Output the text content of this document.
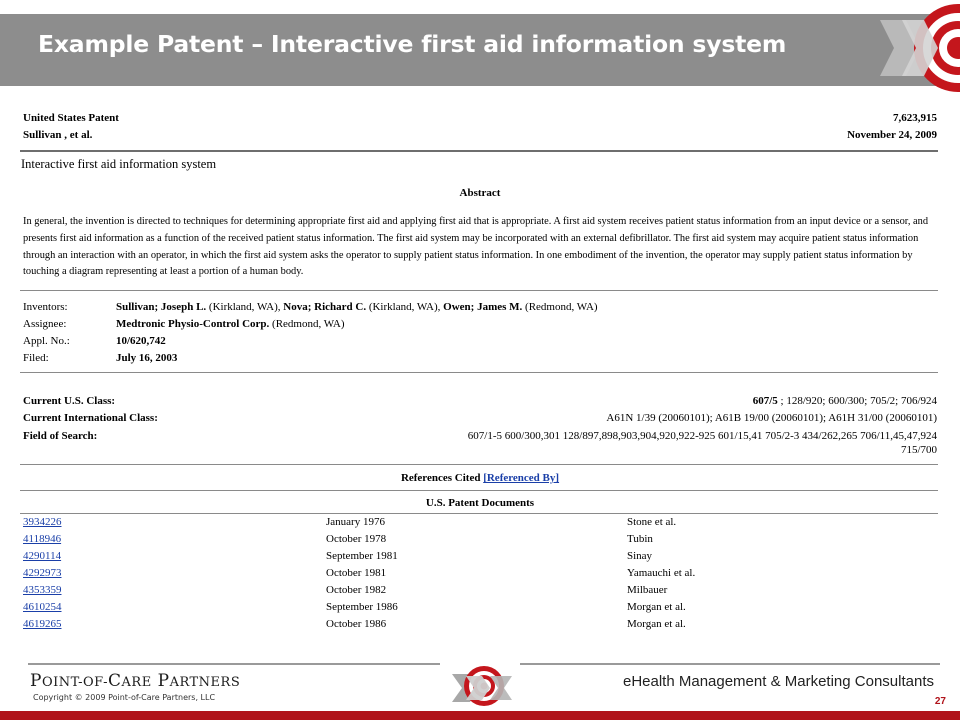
Example Patent – Interactive first aid information system
United States Patent	7,623,915
Sullivan , et al.	November 24, 2009
Interactive first aid information system
Abstract
In general, the invention is directed to techniques for determining appropriate first aid and applying first aid that is appropriate. A first aid system receives patient status information from an input device or a sensor, and presents first aid information as a function of the received patient status information. The first aid system may be incorporated with an external defibrillator. The first aid system may acquire patient status information through an interaction with an operator, in which the first aid system asks the operator to supply patient status information. In one embodiment of the invention, the operator may supply patient status information by touching a diagram representing at least a portion of a human body.
Inventors:	Sullivan; Joseph L. (Kirkland, WA), Nova; Richard C. (Kirkland, WA), Owen; James M. (Redmond, WA)
Assignee:	Medtronic Physio-Control Corp. (Redmond, WA)
Appl. No.:	10/620,742
Filed:	July 16, 2003
Current U.S. Class:	607/5 ; 128/920; 600/300; 705/2; 706/924
Current International Class:	A61N 1/39 (20060101); A61B 19/00 (20060101); A61H 31/00 (20060101)
Field of Search:	607/1-5 600/300,301 128/897,898,903,904,920,922-925 601/15,41 705/2-3 434/262,265 706/11,45,47,924
715/700
References Cited [Referenced By]
U.S. Patent Documents
3934226	January 1976	Stone et al.
4118946	October 1978	Tubin
4290114	September 1981	Sinay
4292973	October 1981	Yamauchi et al.
4353359	October 1982	Milbauer
4610254	September 1986	Morgan et al.
4619265	October 1986	Morgan et al.
POINT-OF-CARE PARTNERS
Copyright © 2009 Point-of-Care Partners, LLC
eHealth Management & Marketing Consultants
27
